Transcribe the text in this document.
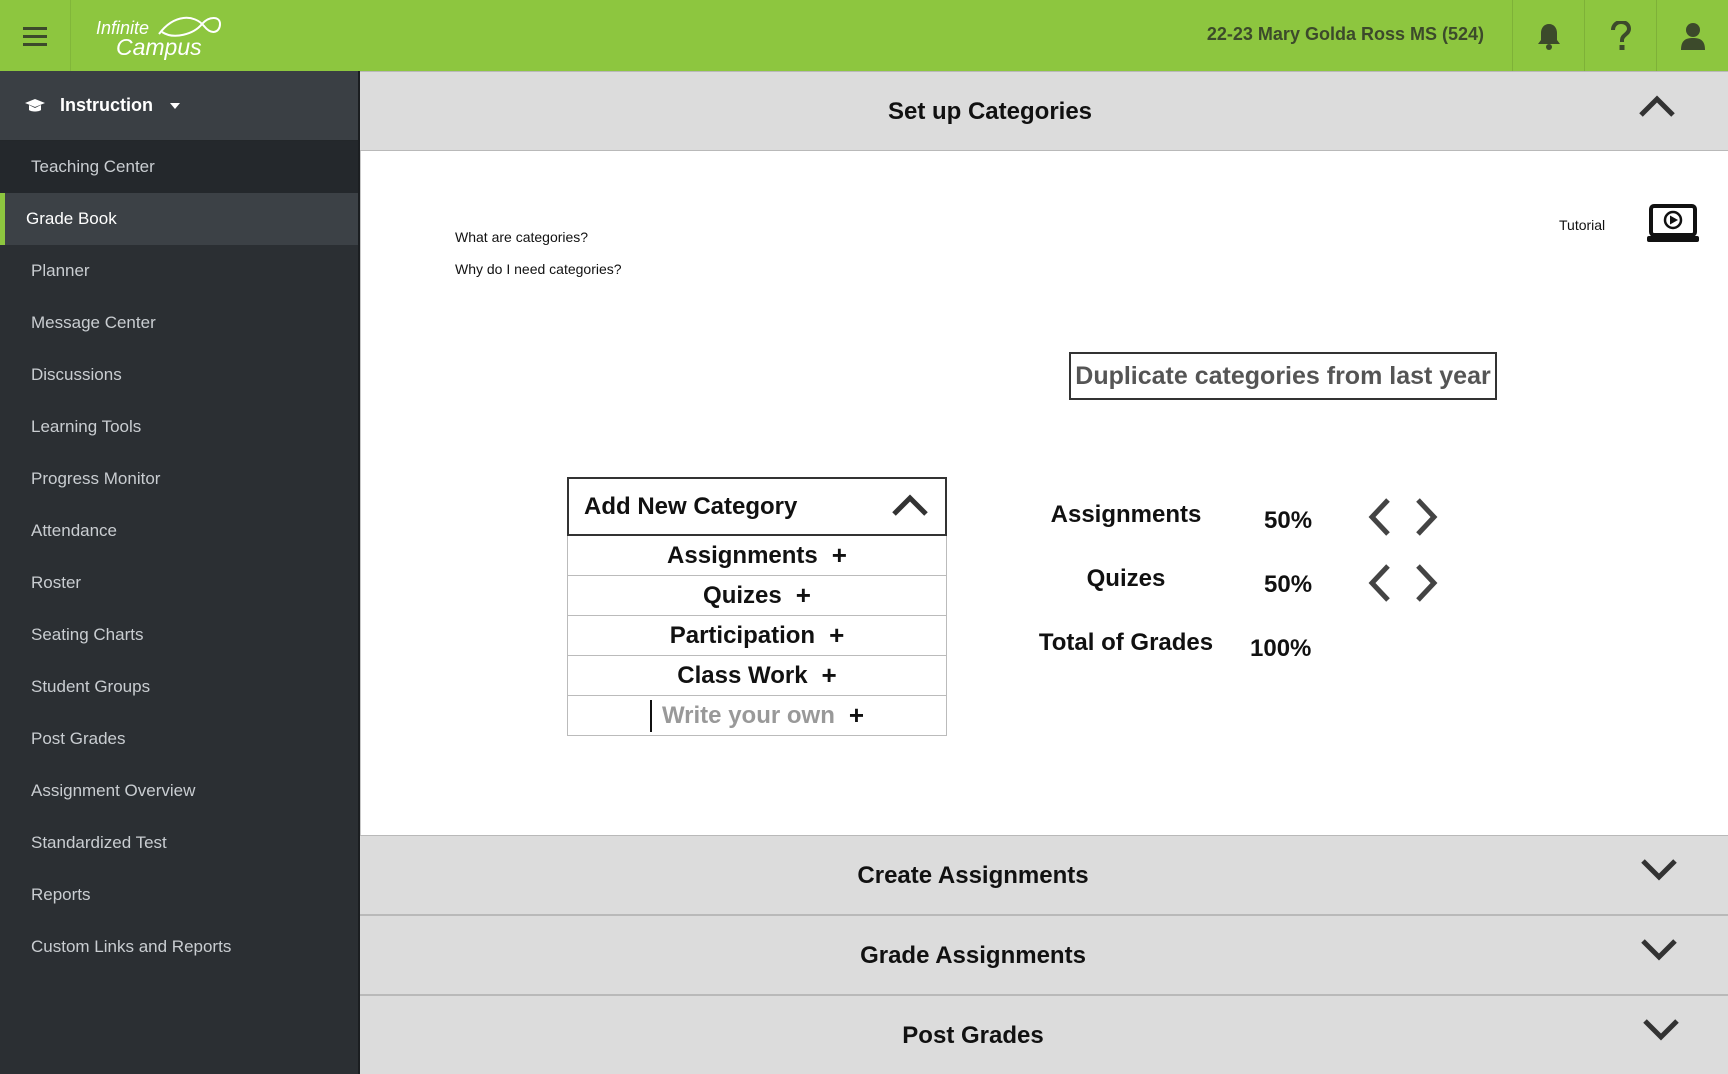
Infinite
Campus	22-23 Mary Golda Ross MS (524)
Instruction
Teaching Center
Grade Book
Planner
Message Center
Discussions
Learning Tools
Progress Monitor
Attendance
Roster
Seating Charts
Student Groups
Post Grades
Assignment Overview
Standardized Test
Reports
Custom Links and Reports
Set up Categories
What are categories?
Why do I need categories?
Tutorial
Duplicate categories from last year
Add New Category
Assignments +
Quizes +
Participation +
Class Work +
Write your own +
Assignments	50%
Quizes	50%
Total of Grades	100%
Create Assignments
Grade Assignments
Post Grades
